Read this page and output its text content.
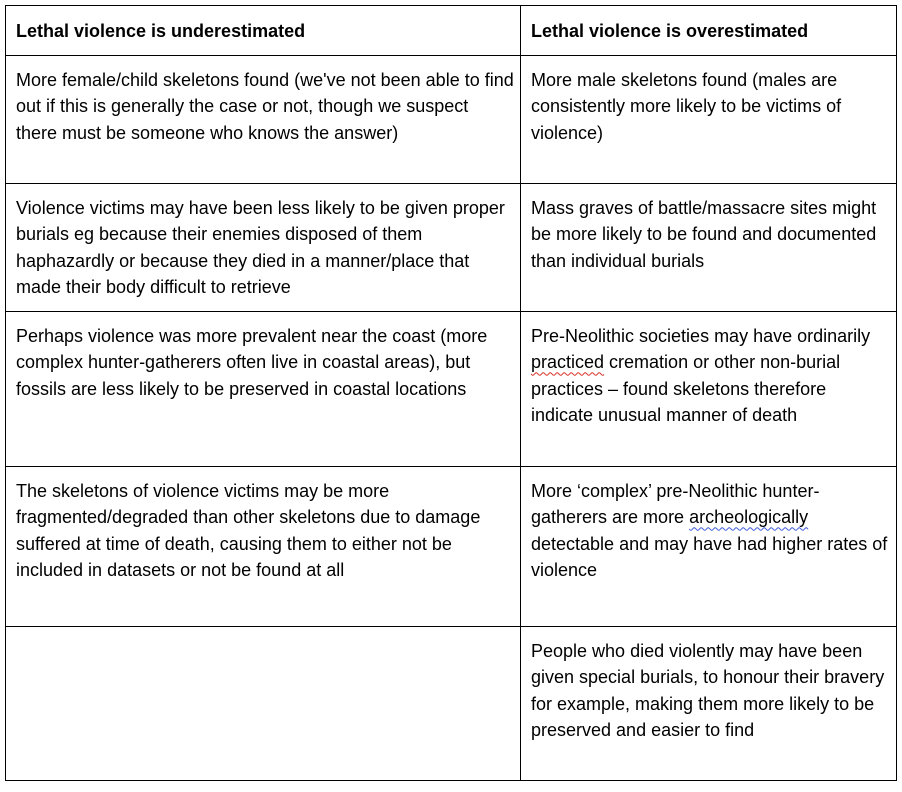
Lethal violence is underestimated	Lethal violence is overestimated
More female/child skeletons found (we've not been able to find out if this is generally the case or not, though we suspect there must be someone who knows the answer)	More male skeletons found (males are consistently more likely to be victims of violence)
Violence victims may have been less likely to be given proper burials eg because their enemies disposed of them haphazardly or because they died in a manner/place that made their body difficult to retrieve	Mass graves of battle/massacre sites might be more likely to be found and documented than individual burials
Perhaps violence was more prevalent near the coast (more complex hunter-gatherers often live in coastal areas), but fossils are less likely to be preserved in coastal locations	Pre-Neolithic societies may have ordinarily practiced cremation or other non-burial practices – found skeletons therefore indicate unusual manner of death
The skeletons of violence victims may be more fragmented/degraded than other skeletons due to damage suffered at time of death, causing them to either not be included in datasets or not be found at all	More ‘complex’ pre-Neolithic hunter-gatherers are more archeologically detectable and may have had higher rates of violence
	People who died violently may have been given special burials, to honour their bravery for example, making them more likely to be preserved and easier to find
